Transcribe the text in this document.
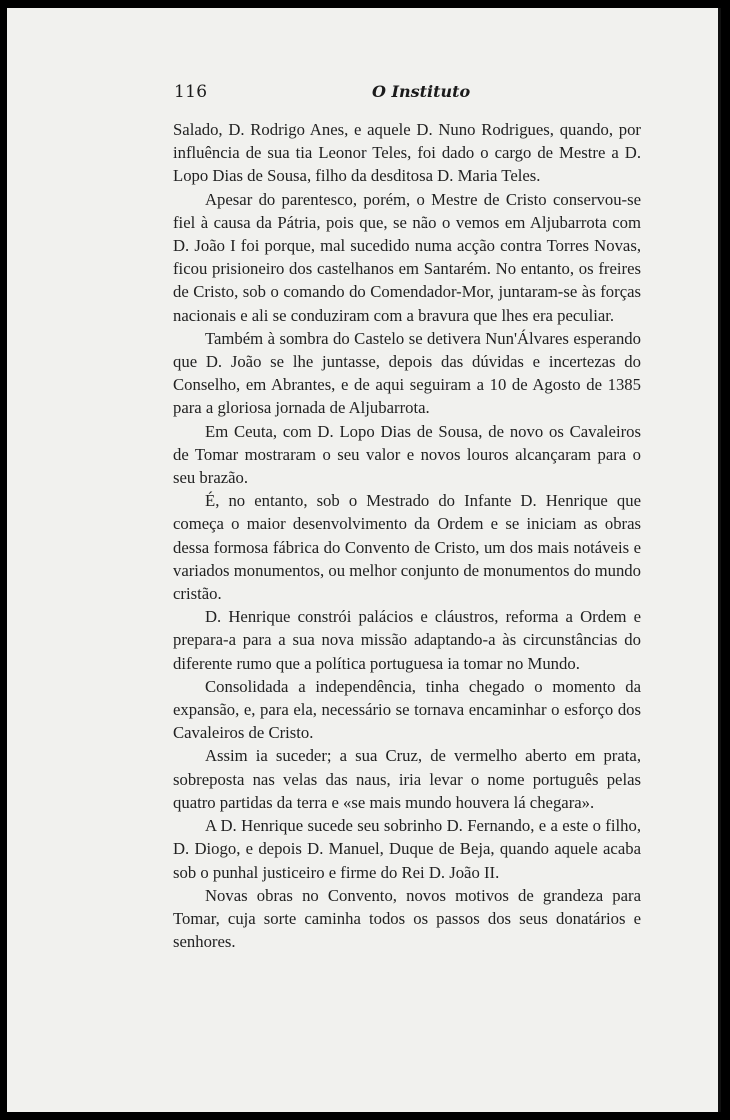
116	O Instituto

Salado, D. Rodrigo Anes, e aquele D. Nuno Rodrigues, quando, por influência de sua tia Leonor Teles, foi dado o cargo de Mestre a D. Lopo Dias de Sousa, filho da desditosa D. Maria Teles.

Apesar do parentesco, porém, o Mestre de Cristo conservou-se fiel à causa da Pátria, pois que, se não o vemos em Aljubarrota com D. João I foi porque, mal sucedido numa acção contra Torres Novas, ficou prisioneiro dos castelhanos em Santarém. No entanto, os freires de Cristo, sob o comando do Comendador-Mor, juntaram-se às forças nacionais e ali se conduziram com a bravura que lhes era peculiar.

Também à sombra do Castelo se detivera Nun'Álvares esperando que D. João se lhe juntasse, depois das dúvidas e incertezas do Conselho, em Abrantes, e de aqui seguiram a 10 de Agosto de 1385 para a gloriosa jornada de Aljubarrota.

Em Ceuta, com D. Lopo Dias de Sousa, de novo os Cavaleiros de Tomar mostraram o seu valor e novos louros alcançaram para o seu brazão.

É, no entanto, sob o Mestrado do Infante D. Henrique que começa o maior desenvolvimento da Ordem e se iniciam as obras dessa formosa fábrica do Convento de Cristo, um dos mais notáveis e variados monumentos, ou melhor conjunto de monumentos do mundo cristão.

D. Henrique constrói palácios e cláustros, reforma a Ordem e prepara-a para a sua nova missão adaptando-a às circunstâncias do diferente rumo que a política portuguesa ia tomar no Mundo.

Consolidada a independência, tinha chegado o momento da expansão, e, para ela, necessário se tornava encaminhar o esforço dos Cavaleiros de Cristo.

Assim ia suceder; a sua Cruz, de vermelho aberto em prata, sobreposta nas velas das naus, iria levar o nome português pelas quatro partidas da terra e «se mais mundo houvera lá chegara».

A D. Henrique sucede seu sobrinho D. Fernando, e a este o filho, D. Diogo, e depois D. Manuel, Duque de Beja, quando aquele acaba sob o punhal justiceiro e firme do Rei D. João II.

Novas obras no Convento, novos motivos de grandeza para Tomar, cuja sorte caminha todos os passos dos seus donatários e senhores.
